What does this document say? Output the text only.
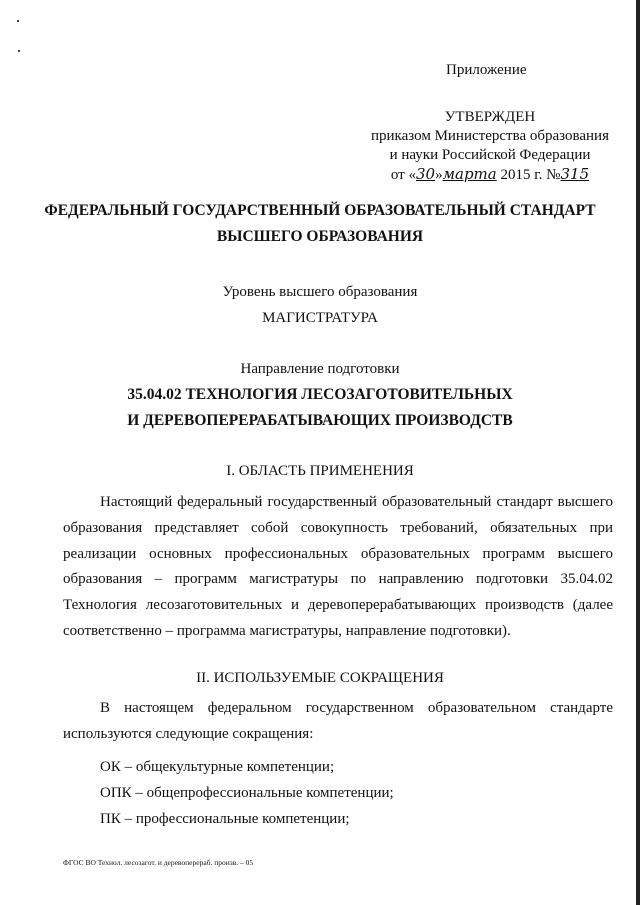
Приложение
УТВЕРЖДЕН
приказом Министерства образования
и науки Российской Федерации
от «30»марта 2015 г. №315
ФЕДЕРАЛЬНЫЙ ГОСУДАРСТВЕННЫЙ ОБРАЗОВАТЕЛЬНЫЙ СТАНДАРТ
ВЫСШЕГО ОБРАЗОВАНИЯ
Уровень высшего образования
МАГИСТРАТУРА
Направление подготовки
35.04.02 ТЕХНОЛОГИЯ ЛЕСОЗАГОТОВИТЕЛЬНЫХ
И ДЕРЕВОПЕРЕРАБАТЫВАЮЩИХ ПРОИЗВОДСТВ
I. ОБЛАСТЬ ПРИМЕНЕНИЯ
Настоящий федеральный государственный образовательный стандарт высшего образования представляет собой совокупность требований, обязательных при реализации основных профессиональных образовательных программ высшего образования – программ магистратуры по направлению подготовки 35.04.02 Технология лесозаготовительных и деревоперерабатывающих производств (далее соответственно – программа магистратуры, направление подготовки).
II. ИСПОЛЬЗУЕМЫЕ СОКРАЩЕНИЯ
В настоящем федеральном государственном образовательном стандарте используются следующие сокращения:
ОК – общекультурные компетенции;
ОПК – общепрофессиональные компетенции;
ПК – профессиональные компетенции;
ФГОС ВО Технол. лесозагот. и деревоперераб. произв. – 05
